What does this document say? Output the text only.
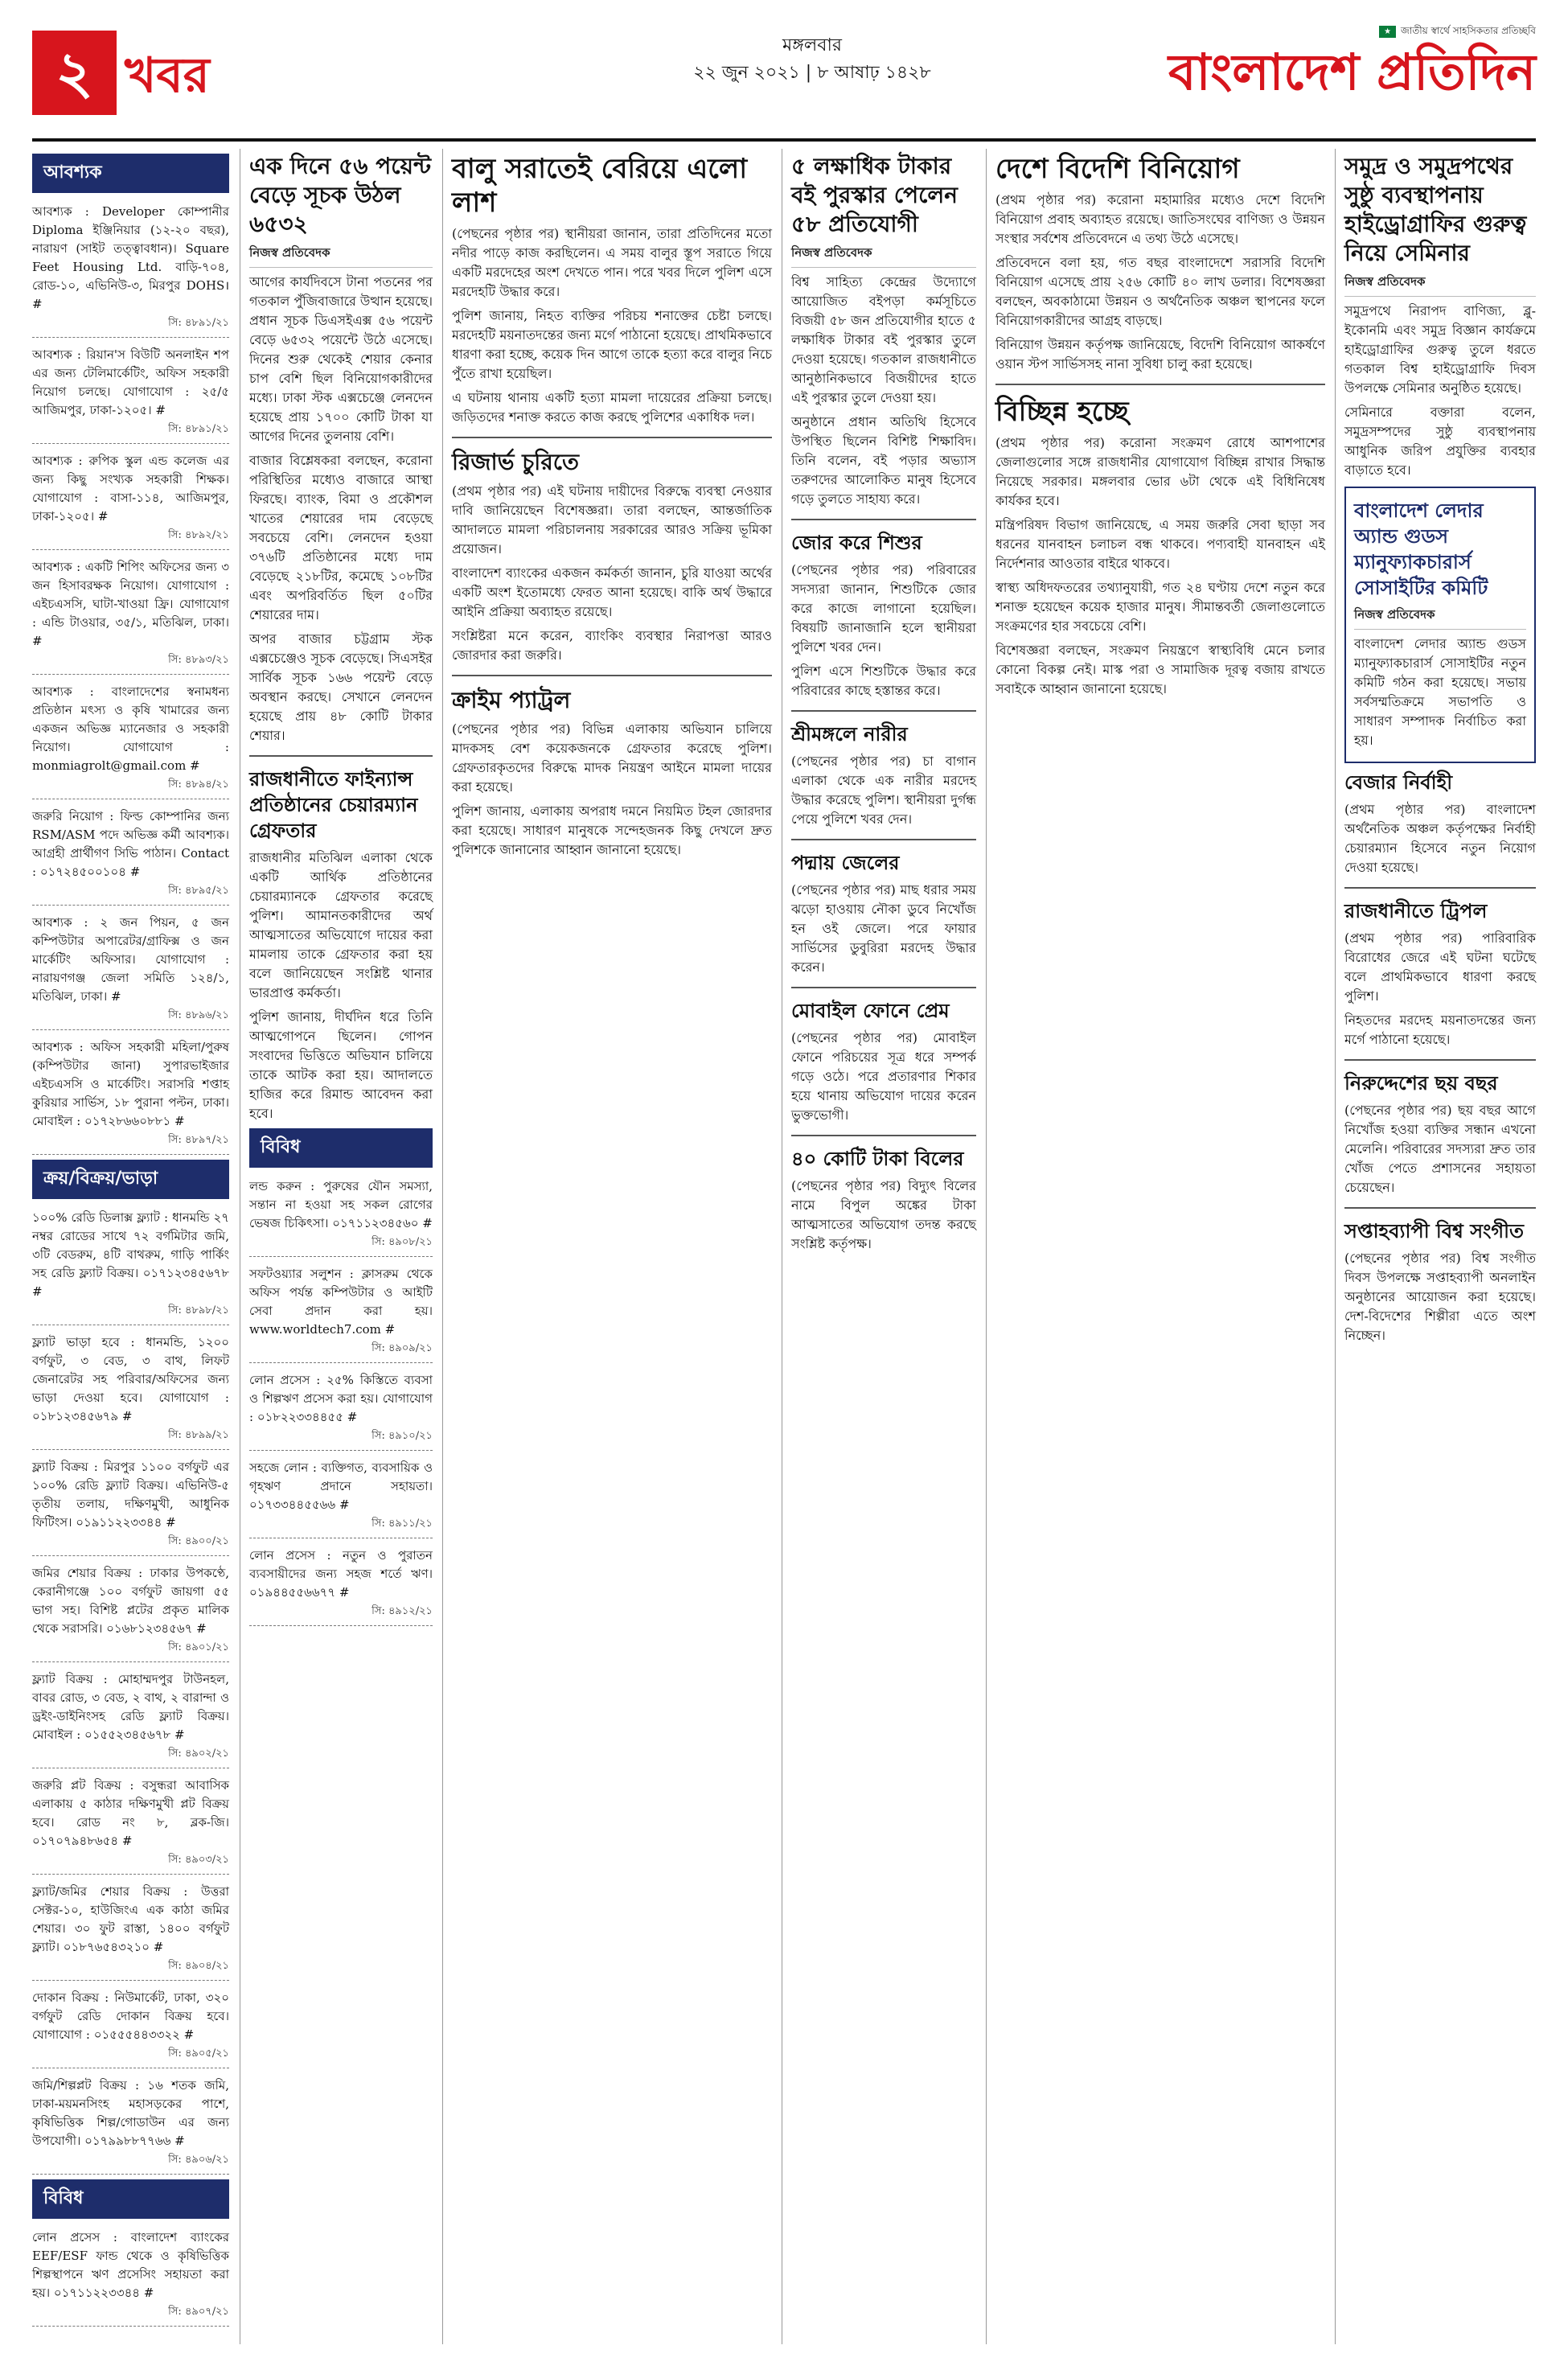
২ খবর
মঙ্গলবার
২২ জুন ২০২১ | ৮ আষাঢ় ১৪২৮
★ জাতীয় স্বার্থে সাহসিকতার প্রতিচ্ছবি
বাংলাদেশ প্রতিদিন
আবশ্যক
আবশ্যক : Developer কোম্পানীর Diploma ইঞ্জিনিয়ার (১২-২০ বছর), নারায়ণ (সাইট তত্ত্বাবধান)। Square Feet Housing Ltd. বাড়ি-৭০৪, রোড-১০, এভিনিউ-৩, মিরপুর DOHS। #
সি: ৪৮৯১/২১
আবশ্যক : রিয়ান'স বিউটি অনলাইন শপ এর জন্য টেলিমার্কেটিং, অফিস সহকারী নিয়োগ চলছে। যোগাযোগ : ২৫/৫ আজিমপুর, ঢাকা-১২০৫। #
সি: ৪৮৯১/২১
আবশ্যক : রুপিক স্কুল এন্ড কলেজ এর জন্য কিছু সংখ্যক সহকারী শিক্ষক। যোগাযোগ : বাসা-১১৪, আজিমপুর, ঢাকা-১২০৫। #
সি: ৪৮৯২/২১
আবশ্যক : একটি শিপিং অফিসের জন্য ৩ জন হিসাবরক্ষক নিয়োগ। যোগাযোগ : এইচএসসি, ঘাটা-খাওয়া ফ্রি। যোগাযোগ : এন্ডি টাওয়ার, ৩৫/১, মতিঝিল, ঢাকা। #
সি: ৪৮৯৩/২১
আবশ্যক : বাংলাদেশের স্বনামধন্য প্রতিষ্ঠান মৎস্য ও কৃষি খামারের জন্য একজন অভিজ্ঞ ম্যানেজার ও সহকারী নিয়োগ। যোগাযোগ : monmiagrolt@gmail.com #
সি: ৪৮৯৪/২১
জরুরি নিয়োগ : ফিল্ড কোম্পানির জন্য RSM/ASM পদে অভিজ্ঞ কর্মী আবশ্যক। আগ্রহী প্রার্থীগণ সিভি পাঠান। Contact : ০১৭২৪৫০০১০৪ #
সি: ৪৮৯৫/২১
আবশ্যক : ২ জন পিয়ন, ৫ জন কম্পিউটার অপারেটর/গ্রাফিক্স ও জন মার্কেটিং অফিসার। যোগাযোগ : নারায়ণগঞ্জ জেলা সমিতি ১২৪/১, মতিঝিল, ঢাকা। #
সি: ৪৮৯৬/২১
আবশ্যক : অফিস সহকারী মহিলা/পুরুষ (কম্পিউটার জানা) সুপারভাইজার এইচএসসি ও মার্কেটিং। সরাসরি শপ্তাহ কুরিয়ার সার্ভিস, ১৮ পুরানা পল্টন, ঢাকা। মোবাইল : ০১৭২৮৬৬০৮৮১ #
সি: ৪৮৯৭/২১
ক্রয়/বিক্রয়/ভাড়া
১০০% রেডি ডিলাক্স ফ্ল্যাট : ধানমন্ডি ২৭ নম্বর রোডের সাথে ৭২ বর্গমিটার জমি, ৩টি বেডরুম, ৪টি বাথরুম, গাড়ি পার্কিং সহ রেডি ফ্ল্যাট বিক্রয়। ০১৭১২৩৪৫৬৭৮ #
সি: ৪৮৯৮/২১
ফ্ল্যাট ভাড়া হবে : ধানমন্ডি, ১২০০ বর্গফুট, ৩ বেড, ৩ বাথ, লিফট জেনারেটর সহ পরিবার/অফিসের জন্য ভাড়া দেওয়া হবে। যোগাযোগ : ০১৮১২৩৪৫৬৭৯ #
সি: ৪৮৯৯/২১
ফ্ল্যাট বিক্রয় : মিরপুর ১১০০ বর্গফুট এর ১০০% রেডি ফ্ল্যাট বিক্রয়। এভিনিউ-৫ তৃতীয় তলায়, দক্ষিণমুখী, আধুনিক ফিটিংস। ০১৯১১২২৩৩৪৪ #
সি: ৪৯০০/২১
জমির শেয়ার বিক্রয় : ঢাকার উপকণ্ঠে, কেরানীগঞ্জে ১০০ বর্গফুট জায়গা ৫৫ ভাগ সহ। বিশিষ্ট প্লটের প্রকৃত মালিক থেকে সরাসরি। ০১৬৮১২৩৪৫৬৭ #
সি: ৪৯০১/২১
ফ্ল্যাট বিক্রয় : মোহাম্মদপুর টাউনহল, বাবর রোড, ৩ বেড, ২ বাথ, ২ বারান্দা ও ড্রইং-ডাইনিংসহ রেডি ফ্ল্যাট বিক্রয়। মোবাইল : ০১৫৫২৩৪৫৬৭৮ #
সি: ৪৯০২/২১
জরুরি প্লট বিক্রয় : বসুন্ধরা আবাসিক এলাকায় ৫ কাঠার দক্ষিণমুখী প্লট বিক্রয় হবে। রোড নং ৮, ব্লক-জি। ০১৭০৭৯৪৮৬৫৪ #
সি: ৪৯০৩/২১
ফ্ল্যাট/জমির শেয়ার বিক্রয় : উত্তরা সেক্টর-১০, হাউজিংএ এক কাঠা জমির শেয়ার। ৩০ ফুট রাস্তা, ১৪০০ বর্গফুট ফ্ল্যাট। ০১৮৭৬৫৪৩২১০ #
সি: ৪৯০৪/২১
দোকান বিক্রয় : নিউমার্কেট, ঢাকা, ৩২০ বর্গফুট রেডি দোকান বিক্রয় হবে। যোগাযোগ : ০১৫৫৫৪৪৩৩২২ #
সি: ৪৯০৫/২১
জমি/শিল্পপ্লট বিক্রয় : ১৬ শতক জমি, ঢাকা-ময়মনসিংহ মহাসড়কের পাশে, কৃষিভিত্তিক শিল্প/গোডাউন এর জন্য উপযোগী। ০১৭৯৯৮৮৭৭৬৬ #
সি: ৪৯০৬/২১
বিবিধ
লোন প্রসেস : বাংলাদেশ ব্যাংকের EEF/ESF ফান্ড থেকে ও কৃষিভিত্তিক শিল্পস্থাপনে ঋণ প্রসেসিং সহায়তা করা হয়। ০১৭১১২২৩৩৪৪ #
সি: ৪৯০৭/২১
এক দিনে ৫৬ পয়েন্ট বেড়ে সূচক উঠল ৬৫৩২
নিজস্ব প্রতিবেদক

আগের কার্যদিবসে টানা পতনের পর গতকাল পুঁজিবাজারে উত্থান হয়েছে। প্রধান সূচক ডিএসইএক্স ৫৬ পয়েন্ট বেড়ে ৬৫৩২ পয়েন্টে উঠে এসেছে। দিনের শুরু থেকেই শেয়ার কেনার চাপ বেশি ছিল বিনিয়োগকারীদের মধ্যে। ঢাকা স্টক এক্সচেঞ্জে লেনদেন হয়েছে প্রায় ১৭০০ কোটি টাকা যা আগের দিনের তুলনায় বেশি।

বাজার বিশ্লেষকরা বলছেন, করোনা পরিস্থিতির মধ্যেও বাজারে আস্থা ফিরছে। ব্যাংক, বিমা ও প্রকৌশল খাতের শেয়ারের দাম বেড়েছে সবচেয়ে বেশি। লেনদেন হওয়া ৩৭৬টি প্রতিষ্ঠানের মধ্যে দাম বেড়েছে ২১৮টির, কমেছে ১০৮টির এবং অপরিবর্তিত ছিল ৫০টির শেয়ারের দাম।

অপর বাজার চট্টগ্রাম স্টক এক্সচেঞ্জেও সূচক বেড়েছে। সিএসইর সার্বিক সূচক ১৬৬ পয়েন্ট বেড়ে অবস্থান করছে। সেখানে লেনদেন হয়েছে প্রায় ৪৮ কোটি টাকার শেয়ার।

রাজধানীতে ফাইন্যান্স প্রতিষ্ঠানের চেয়ারম্যান গ্রেফতার

রাজধানীর মতিঝিল এলাকা থেকে একটি আর্থিক প্রতিষ্ঠানের চেয়ারম্যানকে গ্রেফতার করেছে পুলিশ। আমানতকারীদের অর্থ আত্মসাতের অভিযোগে দায়ের করা মামলায় তাকে গ্রেফতার করা হয় বলে জানিয়েছেন সংশ্লিষ্ট থানার ভারপ্রাপ্ত কর্মকর্তা।

পুলিশ জানায়, দীর্ঘদিন ধরে তিনি আত্মগোপনে ছিলেন। গোপন সংবাদের ভিত্তিতে অভিযান চালিয়ে তাকে আটক করা হয়। আদালতে হাজির করে রিমান্ড আবেদন করা হবে।

বিবিধ
লন্ড করুন : পুরুষের যৌন সমস্যা, সন্তান না হওয়া সহ সকল রোগের ভেষজ চিকিৎসা। ০১৭১১২৩৪৫৬০ #
সি: ৪৯০৮/২১
সফটওয়্যার সলুশন : ক্লাসরুম থেকে অফিস পর্যন্ত কম্পিউটার ও আইটি সেবা প্রদান করা হয়। www.worldtech7.com #
সি: ৪৯০৯/২১
লোন প্রসেস : ২৫% কিস্তিতে ব্যবসা ও শিল্পঋণ প্রসেস করা হয়। যোগাযোগ : ০১৮২২৩৩৪৪৫৫ #
সি: ৪৯১০/২১
সহজে লোন : ব্যক্তিগত, ব্যবসায়িক ও গৃহঋণ প্রদানে সহায়তা। ০১৭৩৩৪৪৫৫৬৬ #
সি: ৪৯১১/২১
লোন প্রসেস : নতুন ও পুরাতন ব্যবসায়ীদের জন্য সহজ শর্তে ঋণ। ০১৯৪৪৫৫৬৬৭৭ #
সি: ৪৯১২/২১
বালু সরাতেই বেরিয়ে এলো লাশ

(পেছনের পৃষ্ঠার পর) স্থানীয়রা জানান, তারা প্রতিদিনের মতো নদীর পাড়ে কাজ করছিলেন। এ সময় বালুর স্তূপ সরাতে গিয়ে একটি মরদেহের অংশ দেখতে পান। পরে খবর দিলে পুলিশ এসে মরদেহটি উদ্ধার করে।

পুলিশ জানায়, নিহত ব্যক্তির পরিচয় শনাক্তের চেষ্টা চলছে। মরদেহটি ময়নাতদন্তের জন্য মর্গে পাঠানো হয়েছে। প্রাথমিকভাবে ধারণা করা হচ্ছে, কয়েক দিন আগে তাকে হত্যা করে বালুর নিচে পুঁতে রাখা হয়েছিল।

এ ঘটনায় থানায় একটি হত্যা মামলা দায়েরের প্রক্রিয়া চলছে। জড়িতদের শনাক্ত করতে কাজ করছে পুলিশের একাধিক দল।

রিজার্ভ চুরিতে

(প্রথম পৃষ্ঠার পর) এই ঘটনায় দায়ীদের বিরুদ্ধে ব্যবস্থা নেওয়ার দাবি জানিয়েছেন বিশেষজ্ঞরা। তারা বলছেন, আন্তর্জাতিক আদালতে মামলা পরিচালনায় সরকারের আরও সক্রিয় ভূমিকা প্রয়োজন।

বাংলাদেশ ব্যাংকের একজন কর্মকর্তা জানান, চুরি যাওয়া অর্থের একটি অংশ ইতোমধ্যে ফেরত আনা হয়েছে। বাকি অর্থ উদ্ধারে আইনি প্রক্রিয়া অব্যাহত রয়েছে।

সংশ্লিষ্টরা মনে করেন, ব্যাংকিং ব্যবস্থার নিরাপত্তা আরও জোরদার করা জরুরি।

ক্রাইম প্যাট্রল

(পেছনের পৃষ্ঠার পর) বিভিন্ন এলাকায় অভিযান চালিয়ে মাদকসহ বেশ কয়েকজনকে গ্রেফতার করেছে পুলিশ। গ্রেফতারকৃতদের বিরুদ্ধে মাদক নিয়ন্ত্রণ আইনে মামলা দায়ের করা হয়েছে।

পুলিশ জানায়, এলাকায় অপরাধ দমনে নিয়মিত টহল জোরদার করা হয়েছে। সাধারণ মানুষকে সন্দেহজনক কিছু দেখলে দ্রুত পুলিশকে জানানোর আহ্বান জানানো হয়েছে।

৫ লক্ষাধিক টাকার বই পুরস্কার পেলেন ৫৮ প্রতিযোগী
নিজস্ব প্রতিবেদক

বিশ্ব সাহিত্য কেন্দ্রের উদ্যোগে আয়োজিত বইপড়া কর্মসূচিতে বিজয়ী ৫৮ জন প্রতিযোগীর হাতে ৫ লক্ষাধিক টাকার বই পুরস্কার তুলে দেওয়া হয়েছে। গতকাল রাজধানীতে আনুষ্ঠানিকভাবে বিজয়ীদের হাতে এই পুরস্কার তুলে দেওয়া হয়।

অনুষ্ঠানে প্রধান অতিথি হিসেবে উপস্থিত ছিলেন বিশিষ্ট শিক্ষাবিদ। তিনি বলেন, বই পড়ার অভ্যাস তরুণদের আলোকিত মানুষ হিসেবে গড়ে তুলতে সাহায্য করে।

জোর করে শিশুর

(পেছনের পৃষ্ঠার পর) পরিবারের সদস্যরা জানান, শিশুটিকে জোর করে কাজে লাগানো হয়েছিল। বিষয়টি জানাজানি হলে স্থানীয়রা পুলিশে খবর দেন।

পুলিশ এসে শিশুটিকে উদ্ধার করে পরিবারের কাছে হস্তান্তর করে।

শ্রীমঙ্গলে নারীর

(পেছনের পৃষ্ঠার পর) চা বাগান এলাকা থেকে এক নারীর মরদেহ উদ্ধার করেছে পুলিশ। স্থানীয়রা দুর্গন্ধ পেয়ে পুলিশে খবর দেন।

পদ্মায় জেলের

(পেছনের পৃষ্ঠার পর) মাছ ধরার সময় ঝড়ো হাওয়ায় নৌকা ডুবে নিখোঁজ হন ওই জেলে। পরে ফায়ার সার্ভিসের ডুবুরিরা মরদেহ উদ্ধার করেন।

মোবাইল ফোনে প্রেম

(পেছনের পৃষ্ঠার পর) মোবাইল ফোনে পরিচয়ের সূত্র ধরে সম্পর্ক গড়ে ওঠে। পরে প্রতারণার শিকার হয়ে থানায় অভিযোগ দায়ের করেন ভুক্তভোগী।

৪০ কোটি টাকা বিলের

(পেছনের পৃষ্ঠার পর) বিদ্যুৎ বিলের নামে বিপুল অঙ্কের টাকা আত্মসাতের অভিযোগ তদন্ত করছে সংশ্লিষ্ট কর্তৃপক্ষ।

দেশে বিদেশি বিনিয়োগ

(প্রথম পৃষ্ঠার পর) করোনা মহামারির মধ্যেও দেশে বিদেশি বিনিয়োগ প্রবাহ অব্যাহত রয়েছে। জাতিসংঘের বাণিজ্য ও উন্নয়ন সংস্থার সর্বশেষ প্রতিবেদনে এ তথ্য উঠে এসেছে।

প্রতিবেদনে বলা হয়, গত বছর বাংলাদেশে সরাসরি বিদেশি বিনিয়োগ এসেছে প্রায় ২৫৬ কোটি ৪০ লাখ ডলার। বিশেষজ্ঞরা বলছেন, অবকাঠামো উন্নয়ন ও অর্থনৈতিক অঞ্চল স্থাপনের ফলে বিনিয়োগকারীদের আগ্রহ বাড়ছে।

বিনিয়োগ উন্নয়ন কর্তৃপক্ষ জানিয়েছে, বিদেশি বিনিয়োগ আকর্ষণে ওয়ান স্টপ সার্ভিসসহ নানা সুবিধা চালু করা হয়েছে।

বিচ্ছিন্ন হচ্ছে

(প্রথম পৃষ্ঠার পর) করোনা সংক্রমণ রোধে আশপাশের জেলাগুলোর সঙ্গে রাজধানীর যোগাযোগ বিচ্ছিন্ন রাখার সিদ্ধান্ত নিয়েছে সরকার। মঙ্গলবার ভোর ৬টা থেকে এই বিধিনিষেধ কার্যকর হবে।

মন্ত্রিপরিষদ বিভাগ জানিয়েছে, এ সময় জরুরি সেবা ছাড়া সব ধরনের যানবাহন চলাচল বন্ধ থাকবে। পণ্যবাহী যানবাহন এই নির্দেশনার আওতার বাইরে থাকবে।

স্বাস্থ্য অধিদফতরের তথ্যানুযায়ী, গত ২৪ ঘণ্টায় দেশে নতুন করে শনাক্ত হয়েছেন কয়েক হাজার মানুষ। সীমান্তবর্তী জেলাগুলোতে সংক্রমণের হার সবচেয়ে বেশি।

বিশেষজ্ঞরা বলছেন, সংক্রমণ নিয়ন্ত্রণে স্বাস্থ্যবিধি মেনে চলার কোনো বিকল্প নেই। মাস্ক পরা ও সামাজিক দূরত্ব বজায় রাখতে সবাইকে আহ্বান জানানো হয়েছে।

সমুদ্র ও সমুদ্রপথের সুষ্ঠু ব্যবস্থাপনায় হাইড্রোগ্রাফির গুরুত্ব নিয়ে সেমিনার
নিজস্ব প্রতিবেদক

সমুদ্রপথে নিরাপদ বাণিজ্য, ব্লু-ইকোনমি এবং সমুদ্র বিজ্ঞান কার্যক্রমে হাইড্রোগ্রাফির গুরুত্ব তুলে ধরতে গতকাল বিশ্ব হাইড্রোগ্রাফি দিবস উপলক্ষে সেমিনার অনুষ্ঠিত হয়েছে।

সেমিনারে বক্তারা বলেন, সমুদ্রসম্পদের সুষ্ঠু ব্যবস্থাপনায় আধুনিক জরিপ প্রযুক্তির ব্যবহার বাড়াতে হবে।

বাংলাদেশ লেদার অ্যান্ড গুডস ম্যানুফ্যাকচারার্স সোসাইটির কমিটি
নিজস্ব প্রতিবেদক

বাংলাদেশ লেদার অ্যান্ড গুডস ম্যানুফ্যাকচারার্স সোসাইটির নতুন কমিটি গঠন করা হয়েছে। সভায় সর্বসম্মতিক্রমে সভাপতি ও সাধারণ সম্পাদক নির্বাচিত করা হয়।

বেজার নির্বাহী

(প্রথম পৃষ্ঠার পর) বাংলাদেশ অর্থনৈতিক অঞ্চল কর্তৃপক্ষের নির্বাহী চেয়ারম্যান হিসেবে নতুন নিয়োগ দেওয়া হয়েছে।

রাজধানীতে ট্রিপল

(প্রথম পৃষ্ঠার পর) পারিবারিক বিরোধের জেরে এই ঘটনা ঘটেছে বলে প্রাথমিকভাবে ধারণা করছে পুলিশ।

নিহতদের মরদেহ ময়নাতদন্তের জন্য মর্গে পাঠানো হয়েছে।

নিরুদ্দেশের ছয় বছর

(পেছনের পৃষ্ঠার পর) ছয় বছর আগে নিখোঁজ হওয়া ব্যক্তির সন্ধান এখনো মেলেনি। পরিবারের সদস্যরা দ্রুত তার খোঁজ পেতে প্রশাসনের সহায়তা চেয়েছেন।

সপ্তাহব্যাপী বিশ্ব সংগীত

(পেছনের পৃষ্ঠার পর) বিশ্ব সংগীত দিবস উপলক্ষে সপ্তাহব্যাপী অনলাইন অনুষ্ঠানের আয়োজন করা হয়েছে। দেশ-বিদেশের শিল্পীরা এতে অংশ নিচ্ছেন।
